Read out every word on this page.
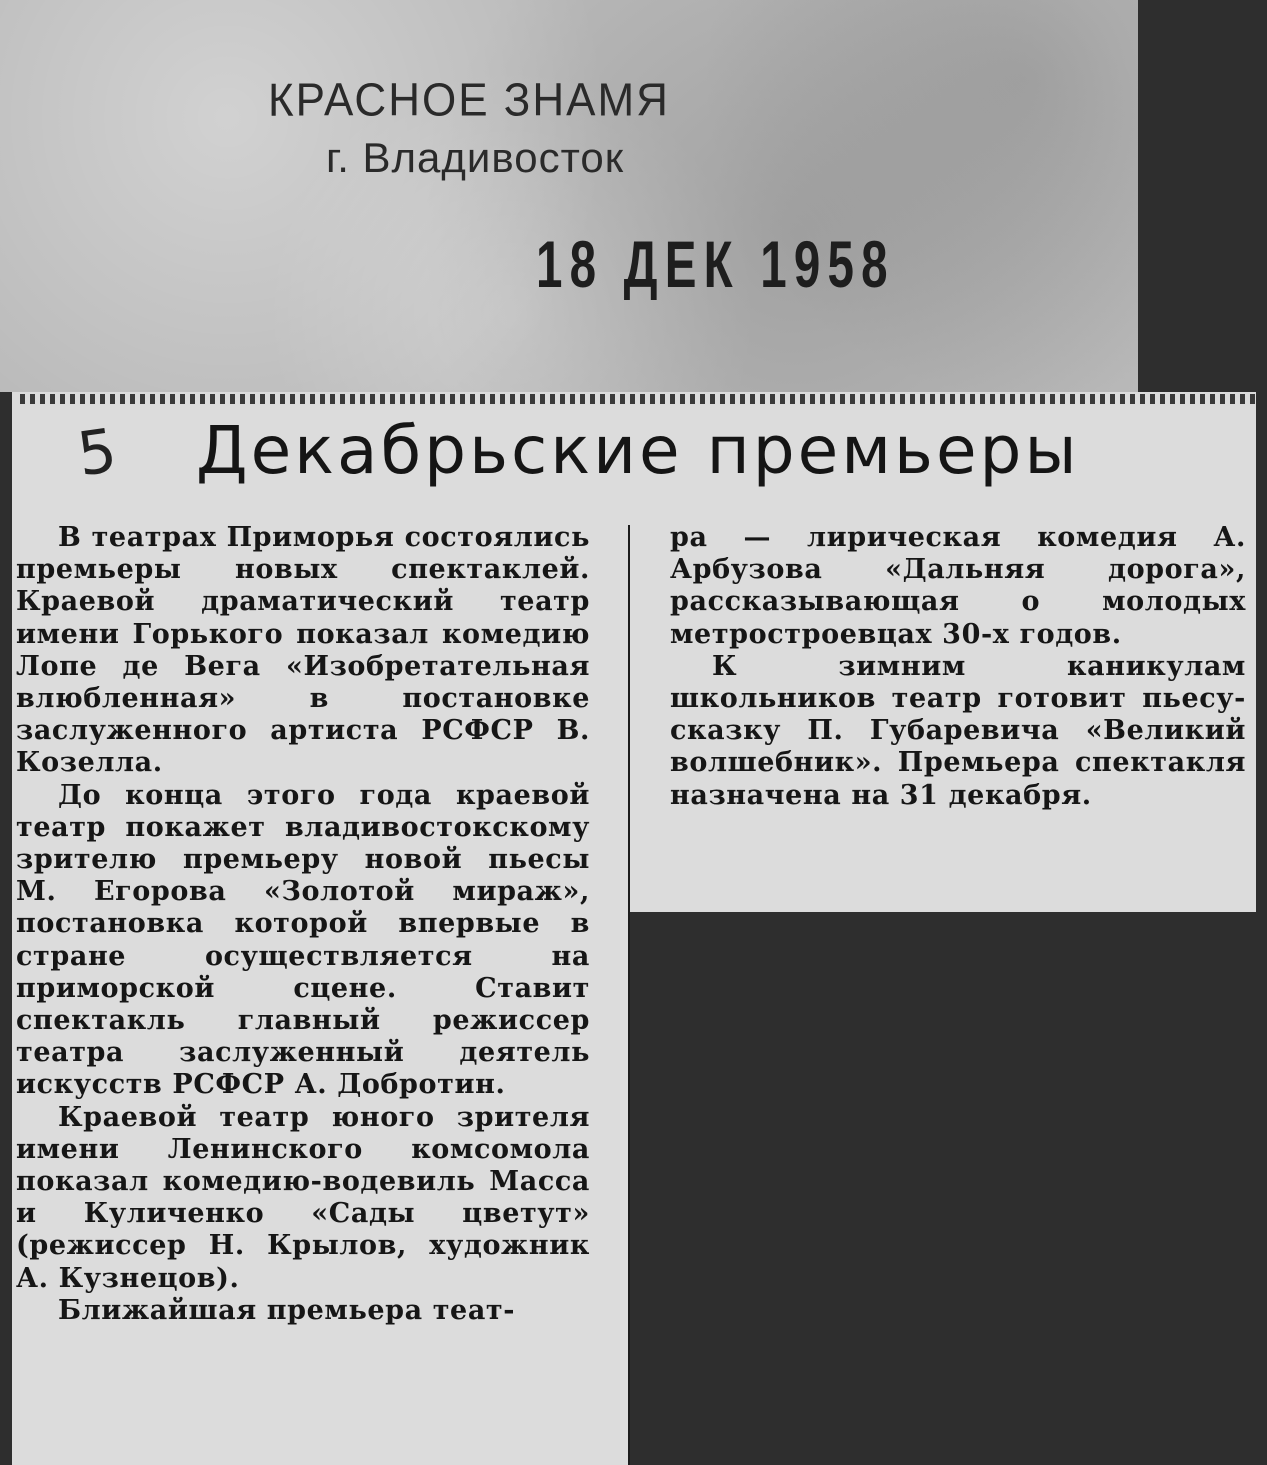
КРАСНОЕ ЗНАМЯ
г. Владивосток
18 ДЕК 1958
5 Декабрьские премьеры

В театрах Приморья состоялись премьеры новых спектаклей. Краевой драматический театр имени Горького показал комедию Лопе де Вега «Изобретательная влюбленная» в постановке заслуженного артиста РСФСР В. Козелла.

До конца этого года краевой театр покажет владивостокскому зрителю премьеру новой пьесы М. Егорова «Золотой мираж», постановка которой впервые в стране осуществляется на приморской сцене. Ставит спектакль главный режиссер театра заслуженный деятель искусств РСФСР А. Добротин.

Краевой театр юного зрителя имени Ленинского комсомола показал комедию-водевиль Масса и Куличенко «Сады цветут» (режиссер Н. Крылов, художник А. Кузнецов).

Ближайшая премьера теат-

ра — лирическая комедия А. Арбузова «Дальняя дорога», рассказывающая о молодых метростроевцах 30-х годов.

К зимним каникулам школьников театр готовит пьесу-сказку П. Губаревича «Великий волшебник». Премьера спектакля назначена на 31 декабря.
